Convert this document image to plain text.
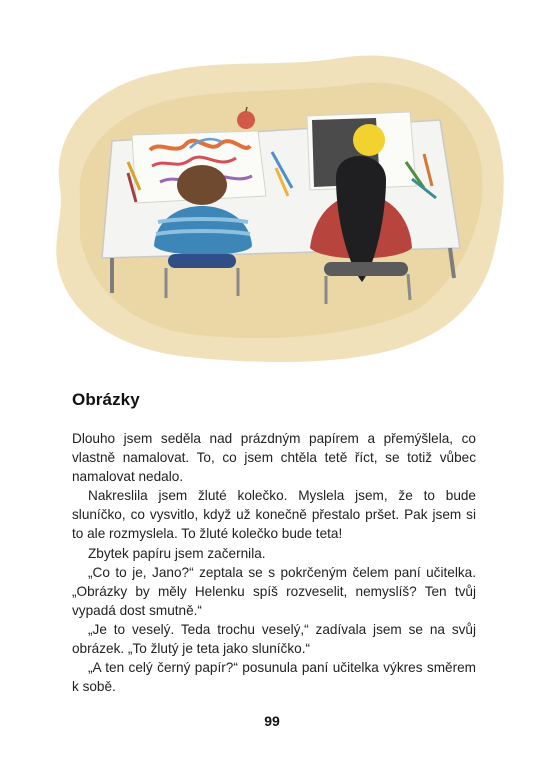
Obrázky

Dlouho jsem seděla nad prázdným papírem a přemýšlela, co vlastně namalovat. To, co jsem chtěla tetě říct, se totiž vůbec namalovat nedalo.

Nakreslila jsem žluté kolečko. Myslela jsem, že to bude sluníčko, co vysvitlo, když už konečně přestalo pršet. Pak jsem si to ale rozmyslela. To žluté kolečko bude teta!

Zbytek papíru jsem začernila.

„Co to je, Jano?“ zeptala se s pokrčeným čelem paní učitelka. „Obrázky by měly Helenku spíš rozveselit, nemyslíš? Ten tvůj vypadá dost smutně.“

„Je to veselý. Teda trochu veselý,“ zadívala jsem se na svůj obrázek. „To žlutý je teta jako sluníčko.“

„A ten celý černý papír?“ posunula paní učitelka výkres směrem k sobě.

99
